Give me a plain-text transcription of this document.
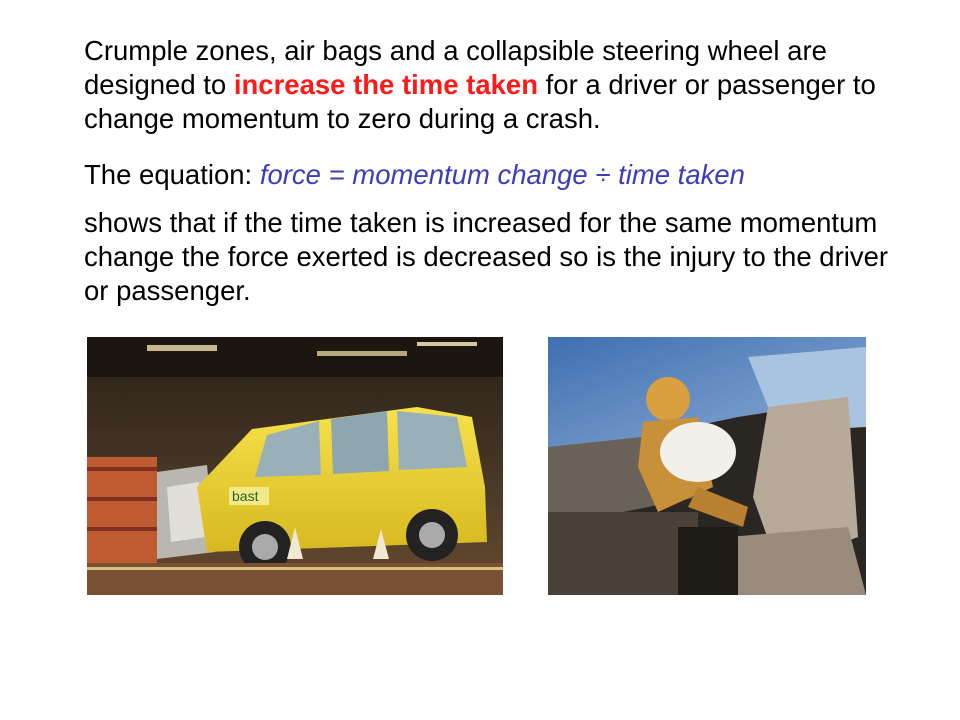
Crumple zones, air bags and a collapsible steering wheel are designed to increase the time taken for a driver or passenger to change momentum to zero during a crash.
The equation: force = momentum change ÷ time taken
shows that if the time taken is increased for the same momentum change the force exerted is decreased so is the injury to the driver or passenger.
bast
